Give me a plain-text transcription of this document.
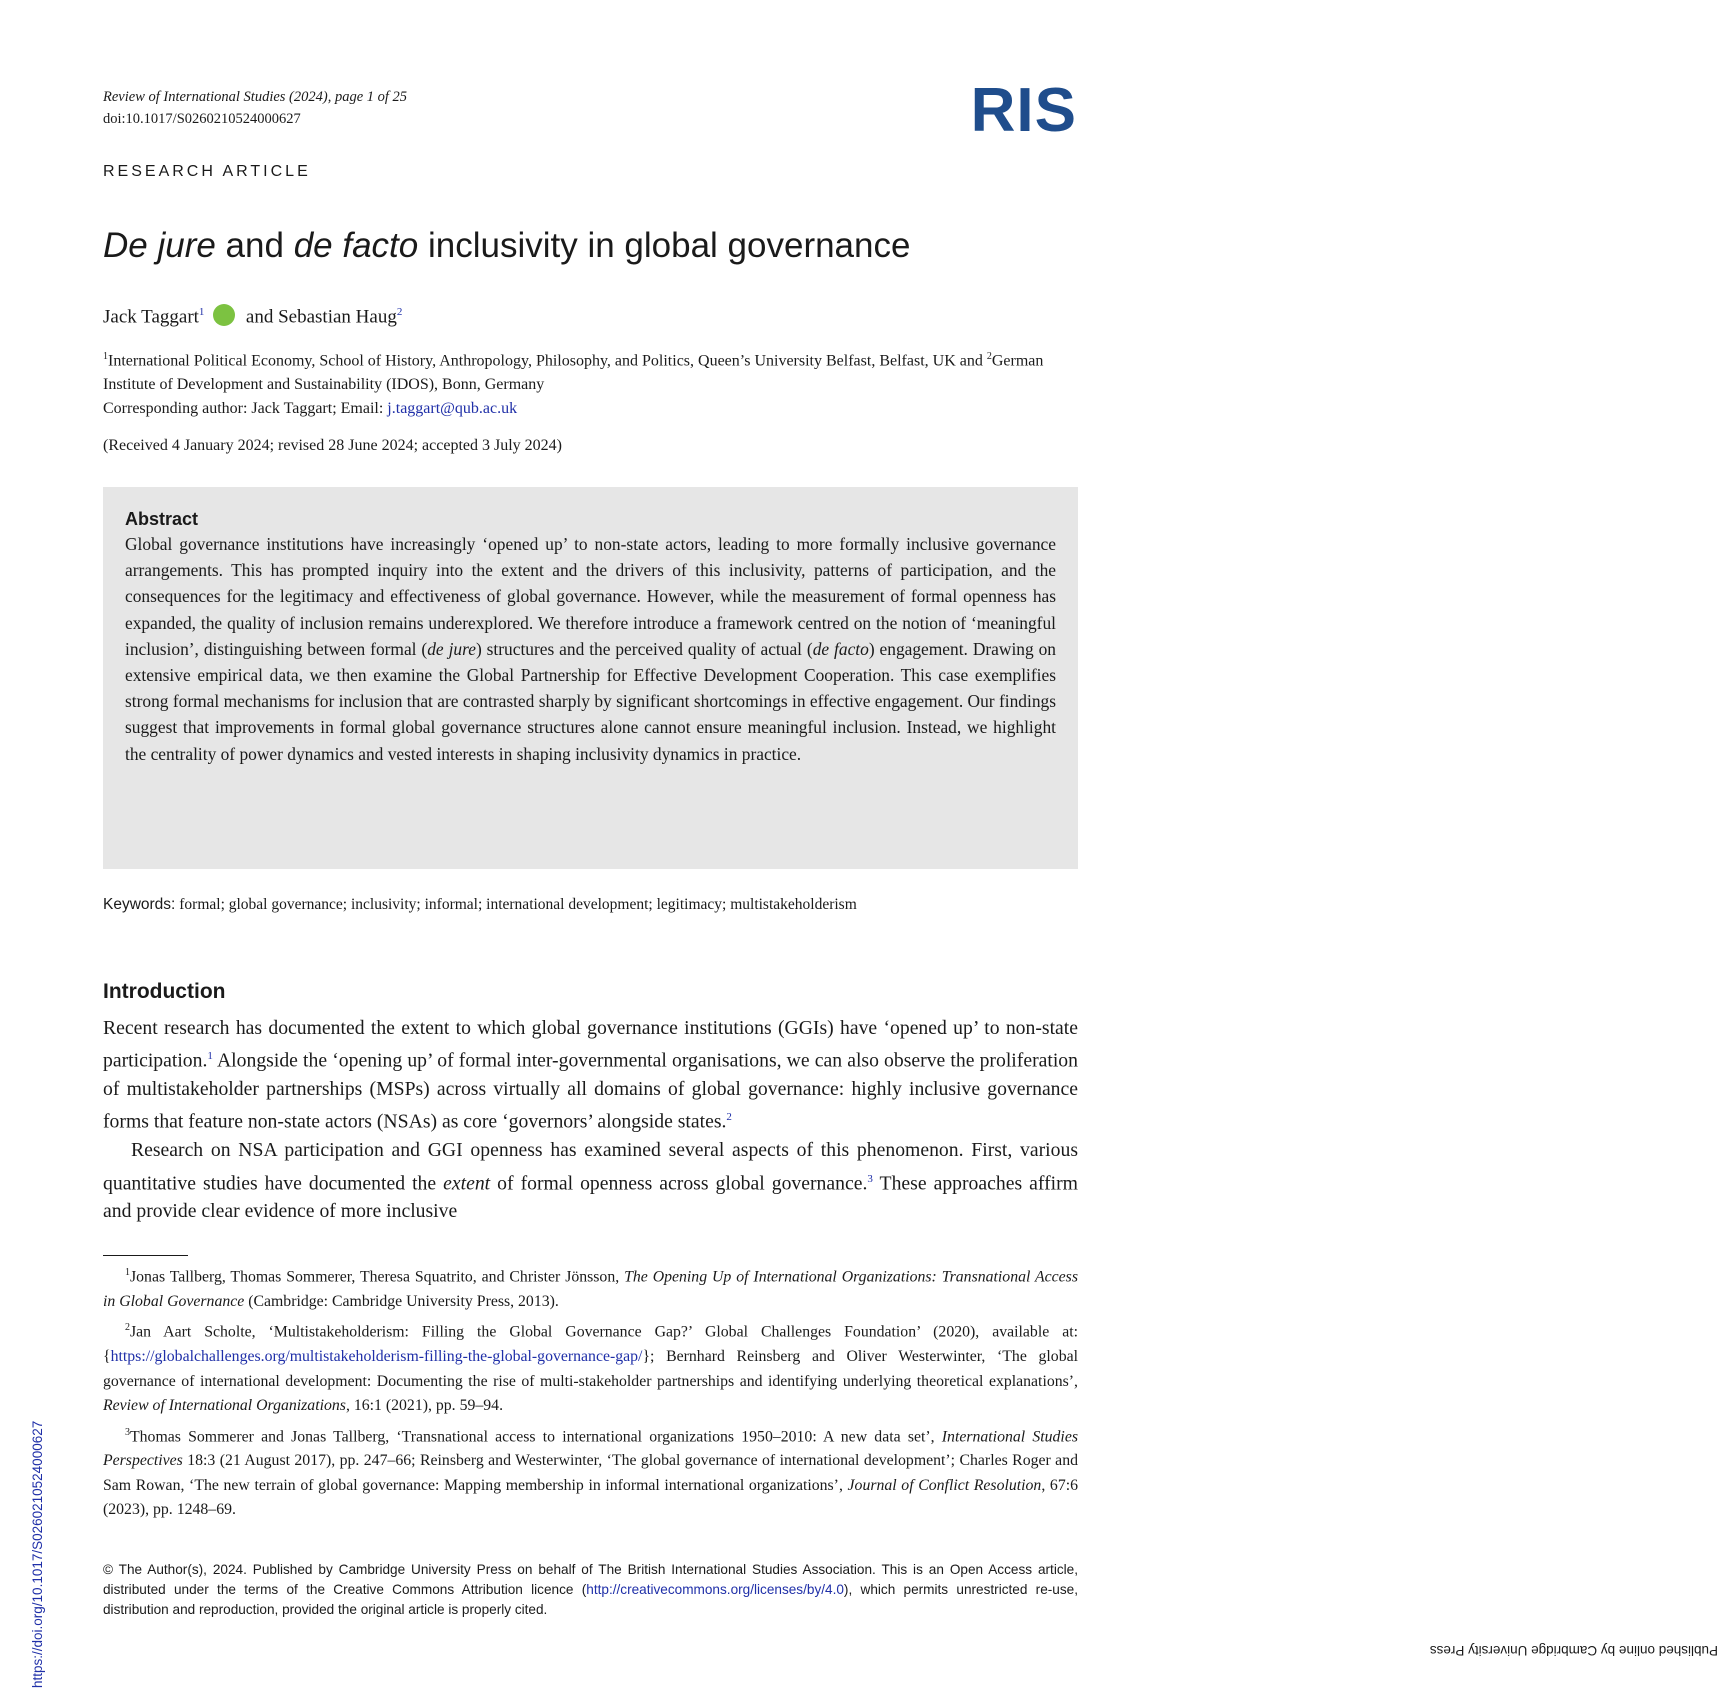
Review of International Studies (2024), page 1 of 25
doi:10.1017/S0260210524000627	RIS
RESEARCH ARTICLE
De jure and de facto inclusivity in global governance
Jack Taggart$^1$ and Sebastian Haug$^2$
$^1$International Political Economy, School of History, Anthropology, Philosophy, and Politics, Queen’s University Belfast, Belfast, UK and $^2$German Institute of Development and Sustainability (IDOS), Bonn, Germany
Corresponding author: Jack Taggart; Email: j.taggart@qub.ac.uk
(Received 4 January 2024; revised 28 June 2024; accepted 3 July 2024)
Abstract

Global governance institutions have increasingly ‘opened up’ to non-state actors, leading to more formally inclusive governance arrangements. This has prompted inquiry into the extent and the drivers of this inclusivity, patterns of participation, and the consequences for the legitimacy and effectiveness of global governance. However, while the measurement of formal openness has expanded, the quality of inclusion remains underexplored. We therefore introduce a framework centred on the notion of ‘meaningful inclusion’, distinguishing between formal (de jure) structures and the perceived quality of actual (de facto) engagement. Drawing on extensive empirical data, we then examine the Global Partnership for Effective Development Cooperation. This case exemplifies strong formal mechanisms for inclusion that are contrasted sharply by significant shortcomings in effective engagement. Our findings suggest that improvements in formal global governance structures alone cannot ensure meaningful inclusion. Instead, we highlight the centrality of power dynamics and vested interests in shaping inclusivity dynamics in practice.

Keywords: formal; global governance; inclusivity; informal; international development; legitimacy; multistakeholderism
Introduction

Recent research has documented the extent to which global governance institutions (GGIs) have ‘opened up’ to non-state participation.$^1$ Alongside the ‘opening up’ of formal inter-governmental organisations, we can also observe the proliferation of multistakeholder partnerships (MSPs) across virtually all domains of global governance: highly inclusive governance forms that feature non-state actors (NSAs) as core ‘governors’ alongside states.$^2$

Research on NSA participation and GGI openness has examined several aspects of this phenomenon. First, various quantitative studies have documented the extent of formal openness across global governance.$^3$ These approaches affirm and provide clear evidence of more inclusive

$^1$Jonas Tallberg, Thomas Sommerer, Theresa Squatrito, and Christer Jönsson, The Opening Up of International Organizations: Transnational Access in Global Governance (Cambridge: Cambridge University Press, 2013).

$^2$Jan Aart Scholte, ‘Multistakeholderism: Filling the Global Governance Gap?’ Global Challenges Foundation’ (2020), available at: {https://globalchallenges.org/multistakeholderism-filling-the-global-governance-gap/}; Bernhard Reinsberg and Oliver Westerwinter, ‘The global governance of international development: Documenting the rise of multi-stakeholder partnerships and identifying underlying theoretical explanations’, Review of International Organizations, 16:1 (2021), pp. 59–94.

$^3$Thomas Sommerer and Jonas Tallberg, ‘Transnational access to international organizations 1950–2010: A new data set’, International Studies Perspectives 18:3 (21 August 2017), pp. 247–66; Reinsberg and Westerwinter, ‘The global governance of international development’; Charles Roger and Sam Rowan, ‘The new terrain of global governance: Mapping membership in informal international organizations’, Journal of Conflict Resolution, 67:6 (2023), pp. 1248–69.

© The Author(s), 2024. Published by Cambridge University Press on behalf of The British International Studies Association. This is an Open Access article, distributed under the terms of the Creative Commons Attribution licence (http://creativecommons.org/licenses/by/4.0), which permits unrestricted re-use, distribution and reproduction, provided the original article is properly cited.
https://doi.org/10.1017/S0260210524000627	Published online by Cambridge University Press
